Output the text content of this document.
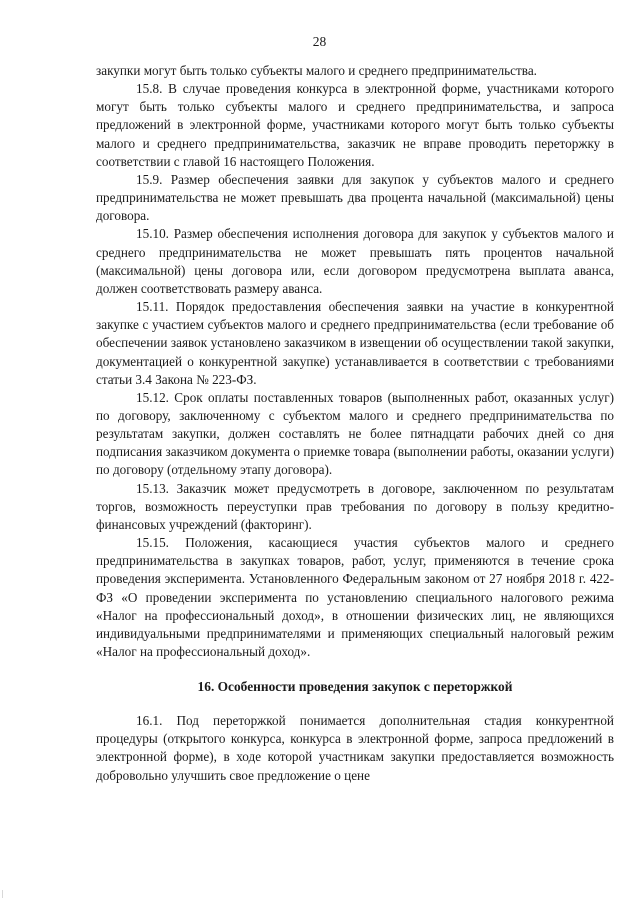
28

закупки могут быть только субъекты малого и среднего предпринимательства.

15.8. В случае проведения конкурса в электронной форме, участниками которого могут быть только субъекты малого и среднего предпринимательства, и запроса предложений в электронной форме, участниками которого могут быть только субъекты малого и среднего предпринимательства, заказчик не вправе проводить переторжку в соответствии с главой 16 настоящего Положения.

15.9. Размер обеспечения заявки для закупок у субъектов малого и среднего предпринимательства не может превышать два процента начальной (максимальной) цены договора.

15.10. Размер обеспечения исполнения договора для закупок у субъектов малого и среднего предпринимательства не может превышать пять процентов начальной (максимальной) цены договора или, если договором предусмотрена выплата аванса, должен соответствовать размеру аванса.

15.11. Порядок предоставления обеспечения заявки на участие в конкурентной закупке с участием субъектов малого и среднего предпринимательства (если требование об обеспечении заявок установлено заказчиком в извещении об осуществлении такой закупки, документацией о конкурентной закупке) устанавливается в соответствии с требованиями статьи 3.4 Закона № 223-ФЗ.

15.12. Срок оплаты поставленных товаров (выполненных работ, оказанных услуг) по договору, заключенному с субъектом малого и среднего предпринимательства по результатам закупки, должен составлять не более пятнадцати рабочих дней со дня подписания заказчиком документа о приемке товара (выполнении работы, оказании услуги) по договору (отдельному этапу договора).

15.13. Заказчик может предусмотреть в договоре, заключенном по результатам торгов, возможность переуступки прав требования по договору в пользу кредитно-финансовых учреждений (факторинг).

15.15. Положения, касающиеся участия субъектов малого и среднего предпринимательства в закупках товаров, работ, услуг, применяются в течение срока проведения эксперимента. Установленного Федеральным законом от 27 ноября 2018 г. 422-ФЗ «О проведении эксперимента по установлению специального налогового режима «Налог на профессиональный доход», в отношении физических лиц, не являющихся индивидуальными предпринимателями и применяющих специальный налоговый режим «Налог на профессиональный доход».

16. Особенности проведения закупок с переторжкой

16.1. Под переторжкой понимается дополнительная стадия конкурентной процедуры (открытого конкурса, конкурса в электронной форме, запроса предложений в электронной форме), в ходе которой участникам закупки предоставляется возможность добровольно улучшить свое предложение о цене
